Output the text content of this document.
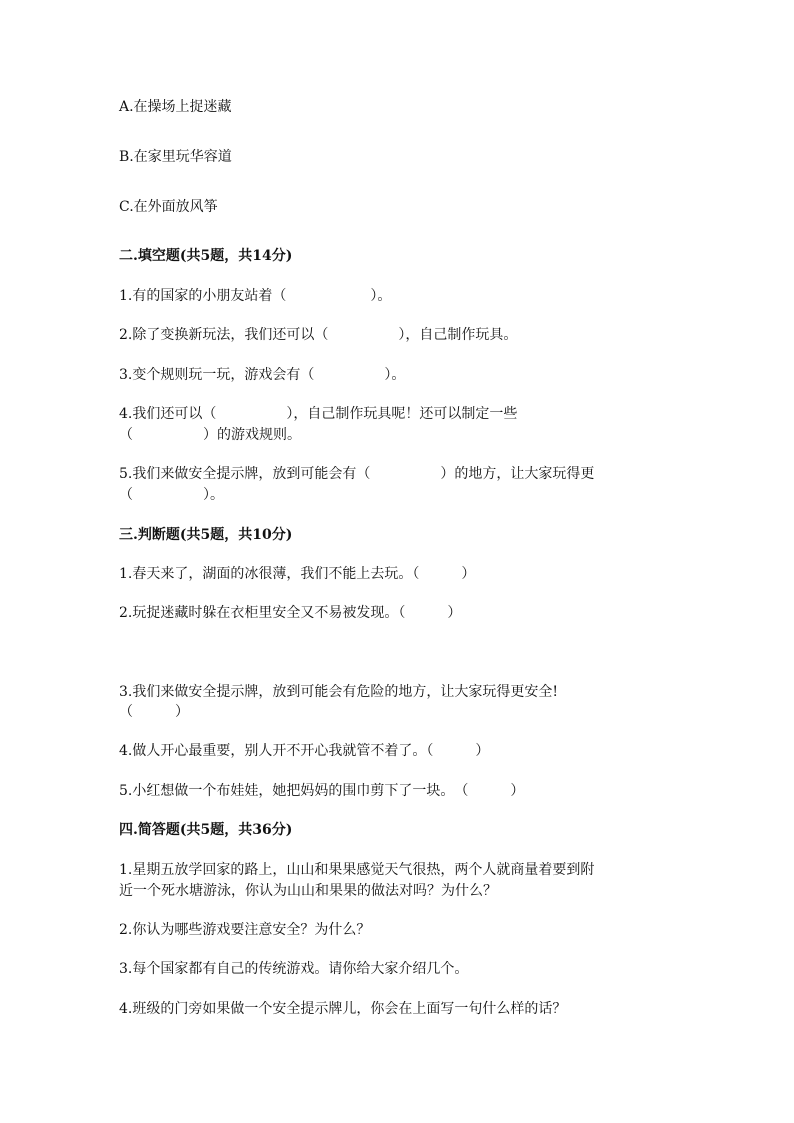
A.在操场上捉迷藏
B.在家里玩华容道
C.在外面放风筝
二.填空题(共5题，共14分)
1.有的国家的小朋友站着（　　　　　　）。
2.除了变换新玩法，我们还可以（　　　　　），自己制作玩具。
3.变个规则玩一玩，游戏会有（　　　　　）。
4.我们还可以（　　　　　），自己制作玩具呢！还可以制定一些
（　　　　　）的游戏规则。
5.我们来做安全提示牌，放到可能会有（　　　　　）的地方，让大家玩得更
（　　　　　）。
三.判断题(共5题，共10分)
1.春天来了，湖面的冰很薄，我们不能上去玩。（　　　）
2.玩捉迷藏时躲在衣柜里安全又不易被发现。（　　　）
3.我们来做安全提示牌，放到可能会有危险的地方，让大家玩得更安全!
（　　　）
4.做人开心最重要，别人开不开心我就管不着了。（　　　）
5.小红想做一个布娃娃，她把妈妈的围巾剪下了一块。　（　　　）
四.简答题(共5题，共36分)
1.星期五放学回家的路上，山山和果果感觉天气很热，两个人就商量着要到附
近一个死水塘游泳，你认为山山和果果的做法对吗？为什么？
2.你认为哪些游戏要注意安全？为什么？
3.每个国家都有自己的传统游戏。请你给大家介绍几个。
4.班级的门旁如果做一个安全提示牌儿，你会在上面写一句什么样的话？
